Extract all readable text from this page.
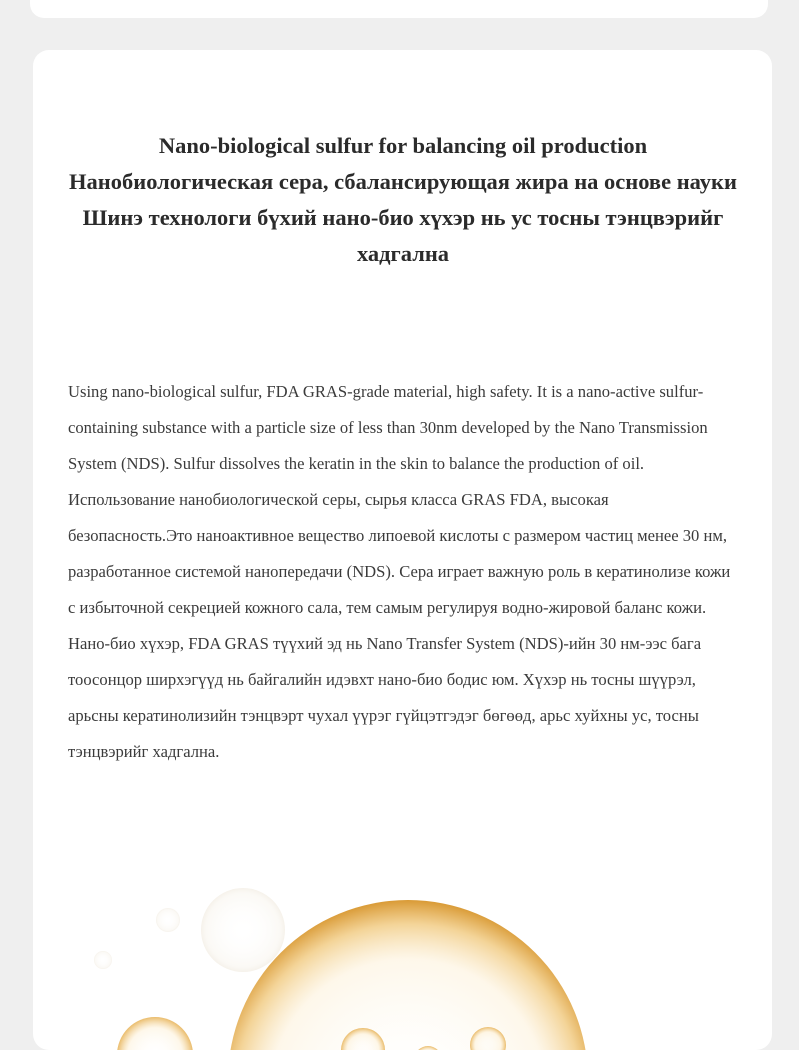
Nano-biological sulfur for balancing oil production
Нанобиологическая сера, сбалансирующая жира на основе науки
Шинэ технологи бүхий нано-био хүхэр нь ус тосны тэнцвэрийг хадгална

Using nano-biological sulfur, FDA GRAS-grade material, high safety. It is a nano-active sulfur-containing substance with a particle size of less than 30nm developed by the Nano Transmission System (NDS). Sulfur dissolves the keratin in the skin to balance the production of oil.

Использование нанобиологической серы, сырья класса GRAS FDA, высокая безопасность.Это наноактивное вещество липоевой кислоты с размером частиц менее 30 нм, разработанное системой нанопередачи (NDS). Сера играет важную роль в кератинолизе кожи с избыточной секрецией кожного сала, тем самым регулируя водно-жировой баланс кожи.

Нано-био хүхэр, FDA GRAS түүхий эд нь Nano Transfer System (NDS)-ийн 30 нм-ээс бага тоосонцор ширхэгүүд нь байгалийн идэвхт нано-био бодис юм. Хүхэр нь тосны шүүрэл, арьсны кератинолизийн тэнцвэрт чухал үүрэг гүйцэтгэдэг бөгөөд, арьс хуйхны ус, тосны тэнцвэрийг хадгална.
